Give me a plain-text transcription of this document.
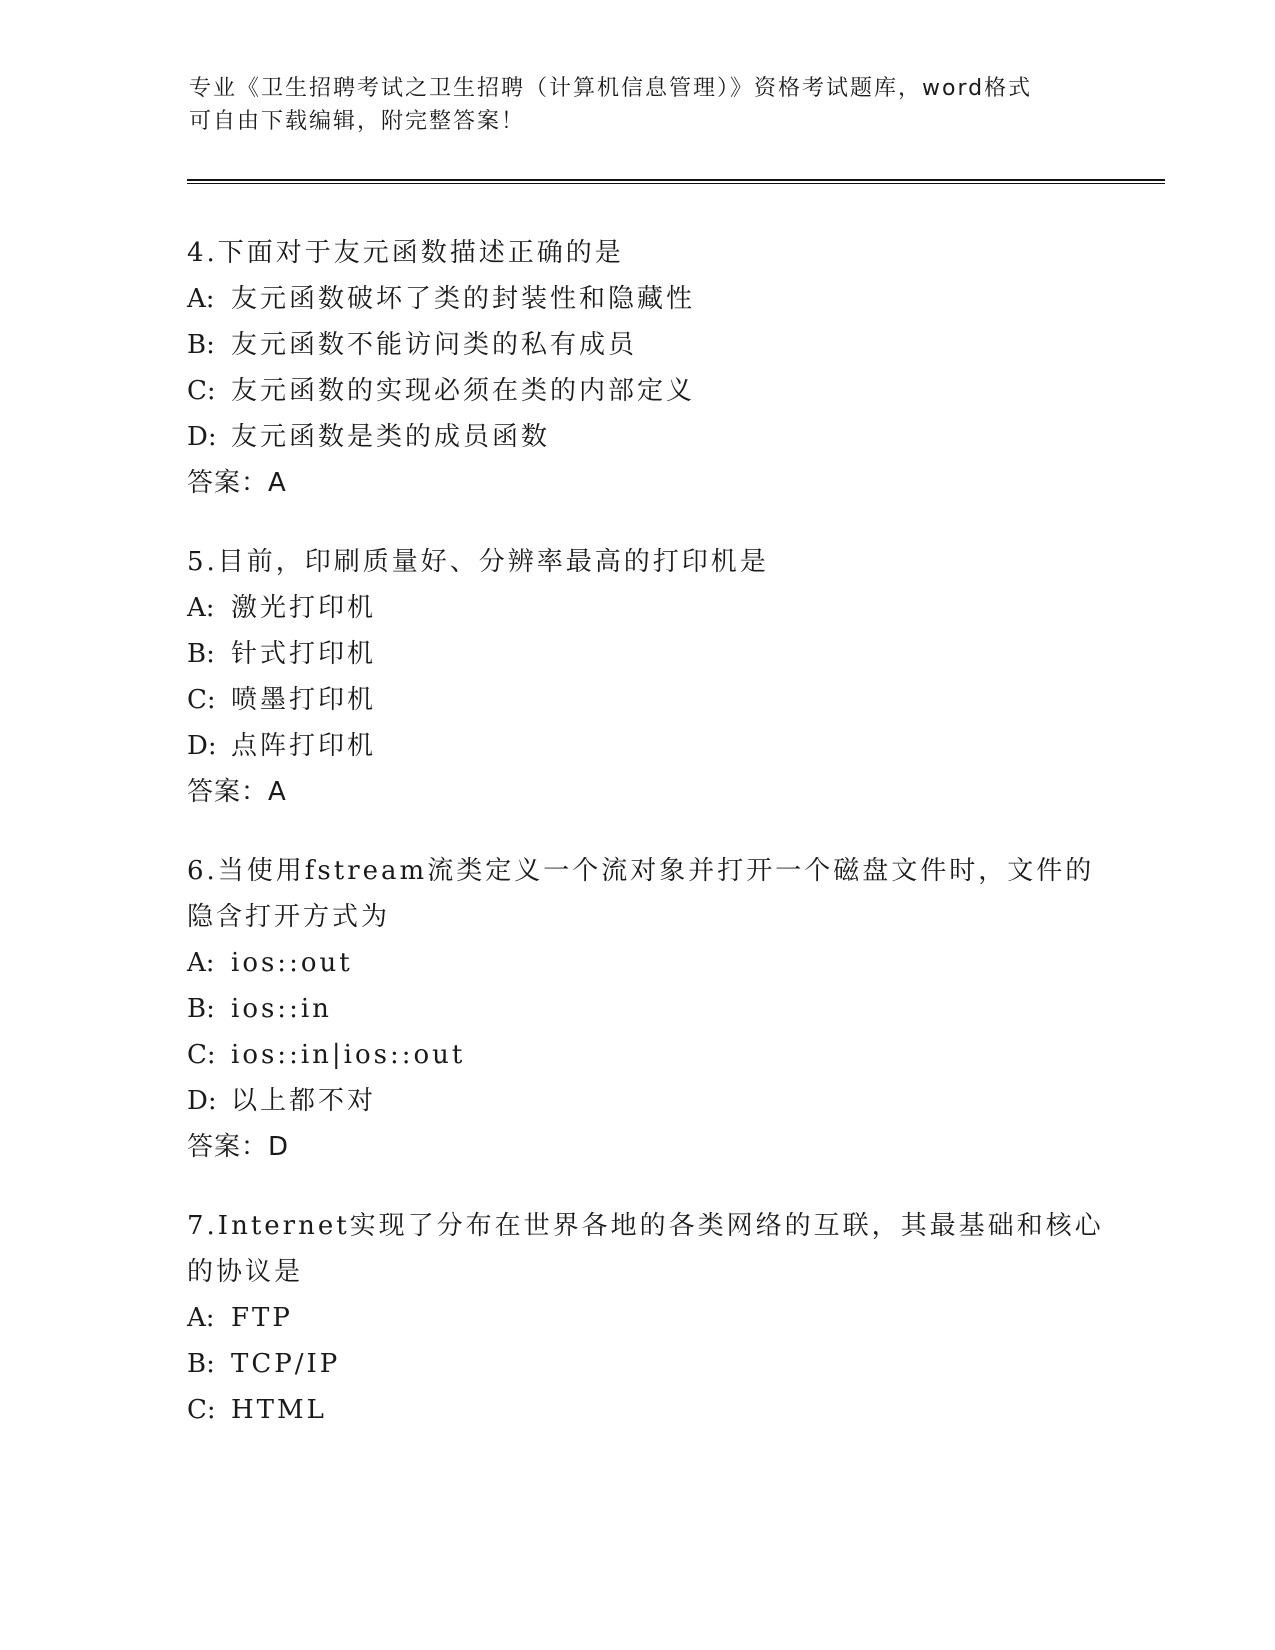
专业《卫生招聘考试之卫生招聘（计算机信息管理）》资格考试题库，word格式
可自由下载编辑，附完整答案！
4.下面对于友元函数描述正确的是
A: 友元函数破坏了类的封装性和隐藏性
B: 友元函数不能访问类的私有成员
C: 友元函数的实现必须在类的内部定义
D: 友元函数是类的成员函数
答案：A
5.目前，印刷质量好、分辨率最高的打印机是
A: 激光打印机
B: 针式打印机
C: 喷墨打印机
D: 点阵打印机
答案：A
6.当使用fstream流类定义一个流对象并打开一个磁盘文件时，文件的隐含打开方式为
A: ios::out
B: ios::in
C: ios::in|ios::out
D: 以上都不对
答案：D
7.Internet实现了分布在世界各地的各类网络的互联，其最基础和核心的协议是
A: FTP
B: TCP/IP
C: HTML
